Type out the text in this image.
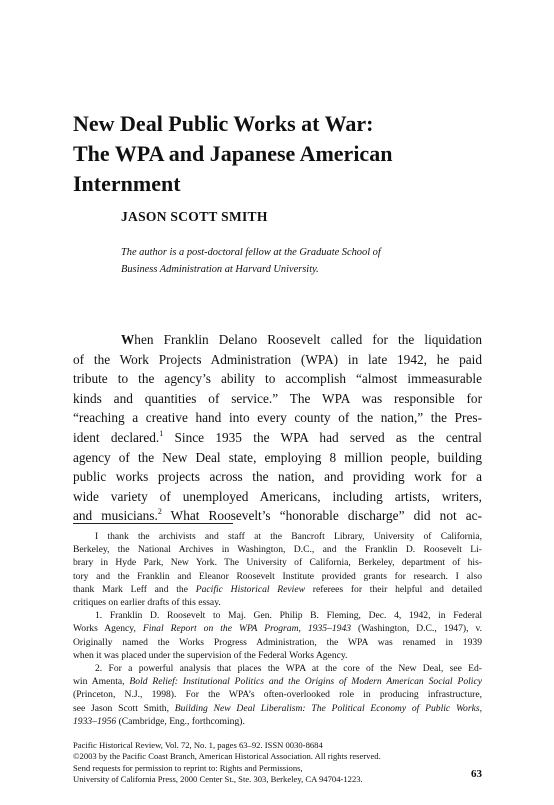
New Deal Public Works at War:
The WPA and Japanese American
Internment
JASON SCOTT SMITH
The author is a post-doctoral fellow at the Graduate School of
Business Administration at Harvard University.
When Franklin Delano Roosevelt called for the liquidation
of the Work Projects Administration (WPA) in late 1942, he paid
tribute to the agency’s ability to accomplish “almost immeasurable
kinds and quantities of service.” The WPA was responsible for
“reaching a creative hand into every county of the nation,” the Pres-
ident declared.$^1$ Since 1935 the WPA had served as the central
agency of the New Deal state, employing 8 million people, building
public works projects across the nation, and providing work for a
wide variety of unemployed Americans, including artists, writers,
and musicians.$^2$ What Roosevelt’s “honorable discharge” did not ac-
I thank the archivists and staff at the Bancroft Library, University of California,
Berkeley, the National Archives in Washington, D.C., and the Franklin D. Roosevelt Li-
brary in Hyde Park, New York. The University of California, Berkeley, department of his-
tory and the Franklin and Eleanor Roosevelt Institute provided grants for research. I also
thank Mark Leff and the Pacific Historical Review referees for their helpful and detailed
critiques on earlier drafts of this essay.
1. Franklin D. Roosevelt to Maj. Gen. Philip B. Fleming, Dec. 4, 1942, in Federal
Works Agency, Final Report on the WPA Program, 1935–1943 (Washington, D.C., 1947), v.
Originally named the Works Progress Administration, the WPA was renamed in 1939
when it was placed under the supervision of the Federal Works Agency.
2. For a powerful analysis that places the WPA at the core of the New Deal, see Ed-
win Amenta, Bold Relief: Institutional Politics and the Origins of Modern American Social Policy
(Princeton, N.J., 1998). For the WPA’s often-overlooked role in producing infrastructure,
see Jason Scott Smith, Building New Deal Liberalism: The Political Economy of Public Works,
1933–1956 (Cambridge, Eng., forthcoming).
Pacific Historical Review, Vol. 72, No. 1, pages 63–92. ISSN 0030-8684
©2003 by the Pacific Coast Branch, American Historical Association. All rights reserved.
Send requests for permission to reprint to: Rights and Permissions,
University of California Press, 2000 Center St., Ste. 303, Berkeley, CA 94704-1223.	63
